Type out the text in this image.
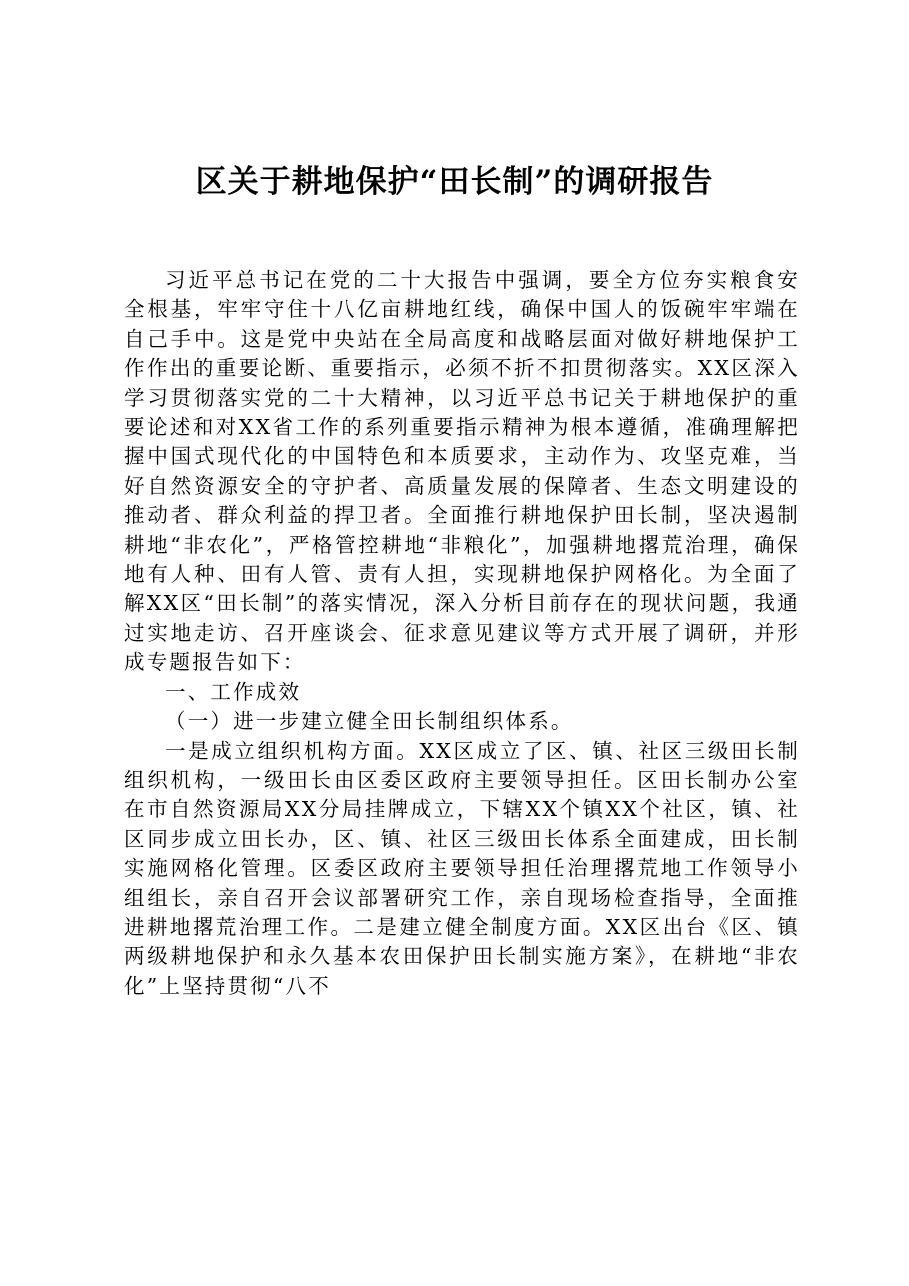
区关于耕地保护“田长制”的调研报告

习近平总书记在党的二十大报告中强调，要全方位夯实粮食安全根基，牢牢守住十八亿亩耕地红线，确保中国人的饭碗牢牢端在自己手中。这是党中央站在全局高度和战略层面对做好耕地保护工作作出的重要论断、重要指示，必须不折不扣贯彻落实。XX区深入学习贯彻落实党的二十大精神，以习近平总书记关于耕地保护的重要论述和对XX省工作的系列重要指示精神为根本遵循，准确理解把握中国式现代化的中国特色和本质要求，主动作为、攻坚克难，当好自然资源安全的守护者、高质量发展的保障者、生态文明建设的推动者、群众利益的捍卫者。全面推行耕地保护田长制，坚决遏制耕地“非农化”，严格管控耕地“非粮化”，加强耕地撂荒治理，确保地有人种、田有人管、责有人担，实现耕地保护网格化。为全面了解XX区“田长制”的落实情况，深入分析目前存在的现状问题，我通过实地走访、召开座谈会、征求意见建议等方式开展了调研，并形成专题报告如下：

一、工作成效

（一）进一步建立健全田长制组织体系。

一是成立组织机构方面。XX区成立了区、镇、社区三级田长制组织机构，一级田长由区委区政府主要领导担任。区田长制办公室在市自然资源局XX分局挂牌成立，下辖XX个镇XX个社区，镇、社区同步成立田长办，区、镇、社区三级田长体系全面建成，田长制实施网格化管理。区委区政府主要领导担任治理撂荒地工作领导小组组长，亲自召开会议部署研究工作，亲自现场检查指导，全面推进耕地撂荒治理工作。二是建立健全制度方面。XX区出台《区、镇两级耕地保护和永久基本农田保护田长制实施方案》，在耕地“非农化”上坚持贯彻“八不
